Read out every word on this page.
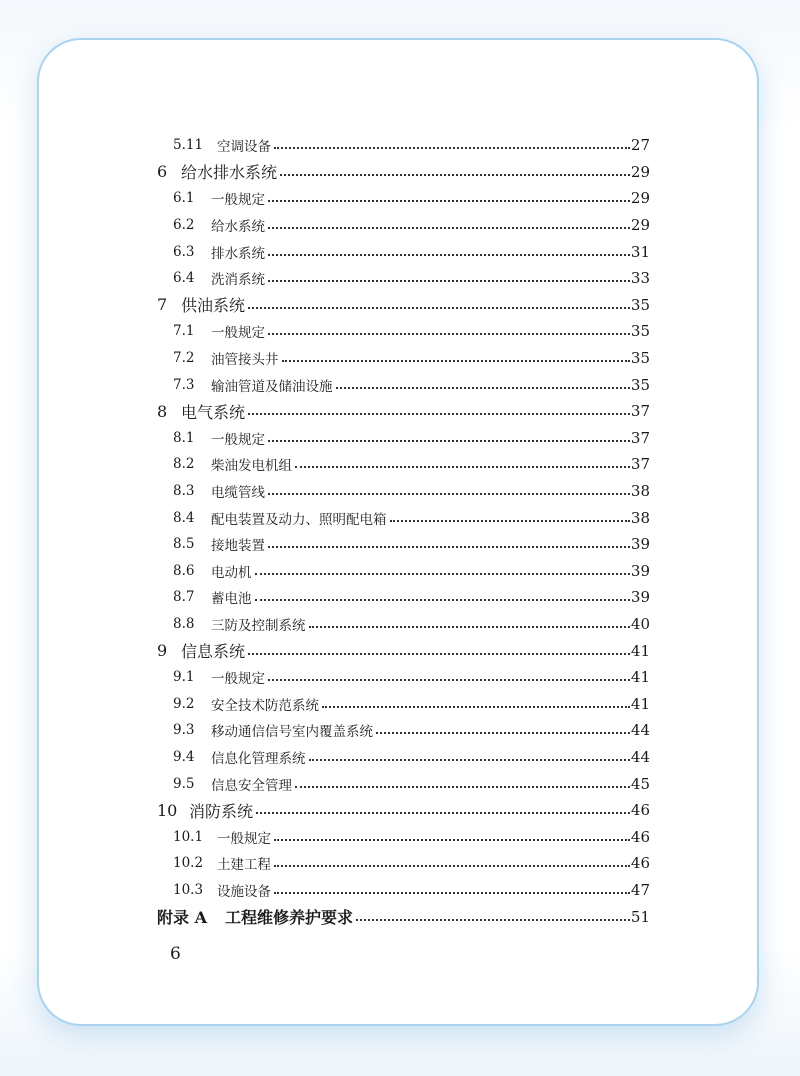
5.11	空调设备	27
6 给水排水系统	29
6.1	一般规定	29
6.2	给水系统	29
6.3	排水系统	31
6.4	洗消系统	33
7 供油系统	35
7.1	一般规定	35
7.2	油管接头井	35
7.3	输油管道及储油设施	35
8 电气系统	37
8.1	一般规定	37
8.2	柴油发电机组	37
8.3	电缆管线	38
8.4	配电装置及动力、照明配电箱	38
8.5	接地装置	39
8.6	电动机	39
8.7	蓄电池	39
8.8	三防及控制系统	40
9 信息系统	41
9.1	一般规定	41
9.2	安全技术防范系统	41
9.3	移动通信信号室内覆盖系统	44
9.4	信息化管理系统	44
9.5	信息安全管理	45
10 消防系统	46
10.1	一般规定	46
10.2	土建工程	46
10.3	设施设备	47
附录 A	工程维修养护要求	51
6
